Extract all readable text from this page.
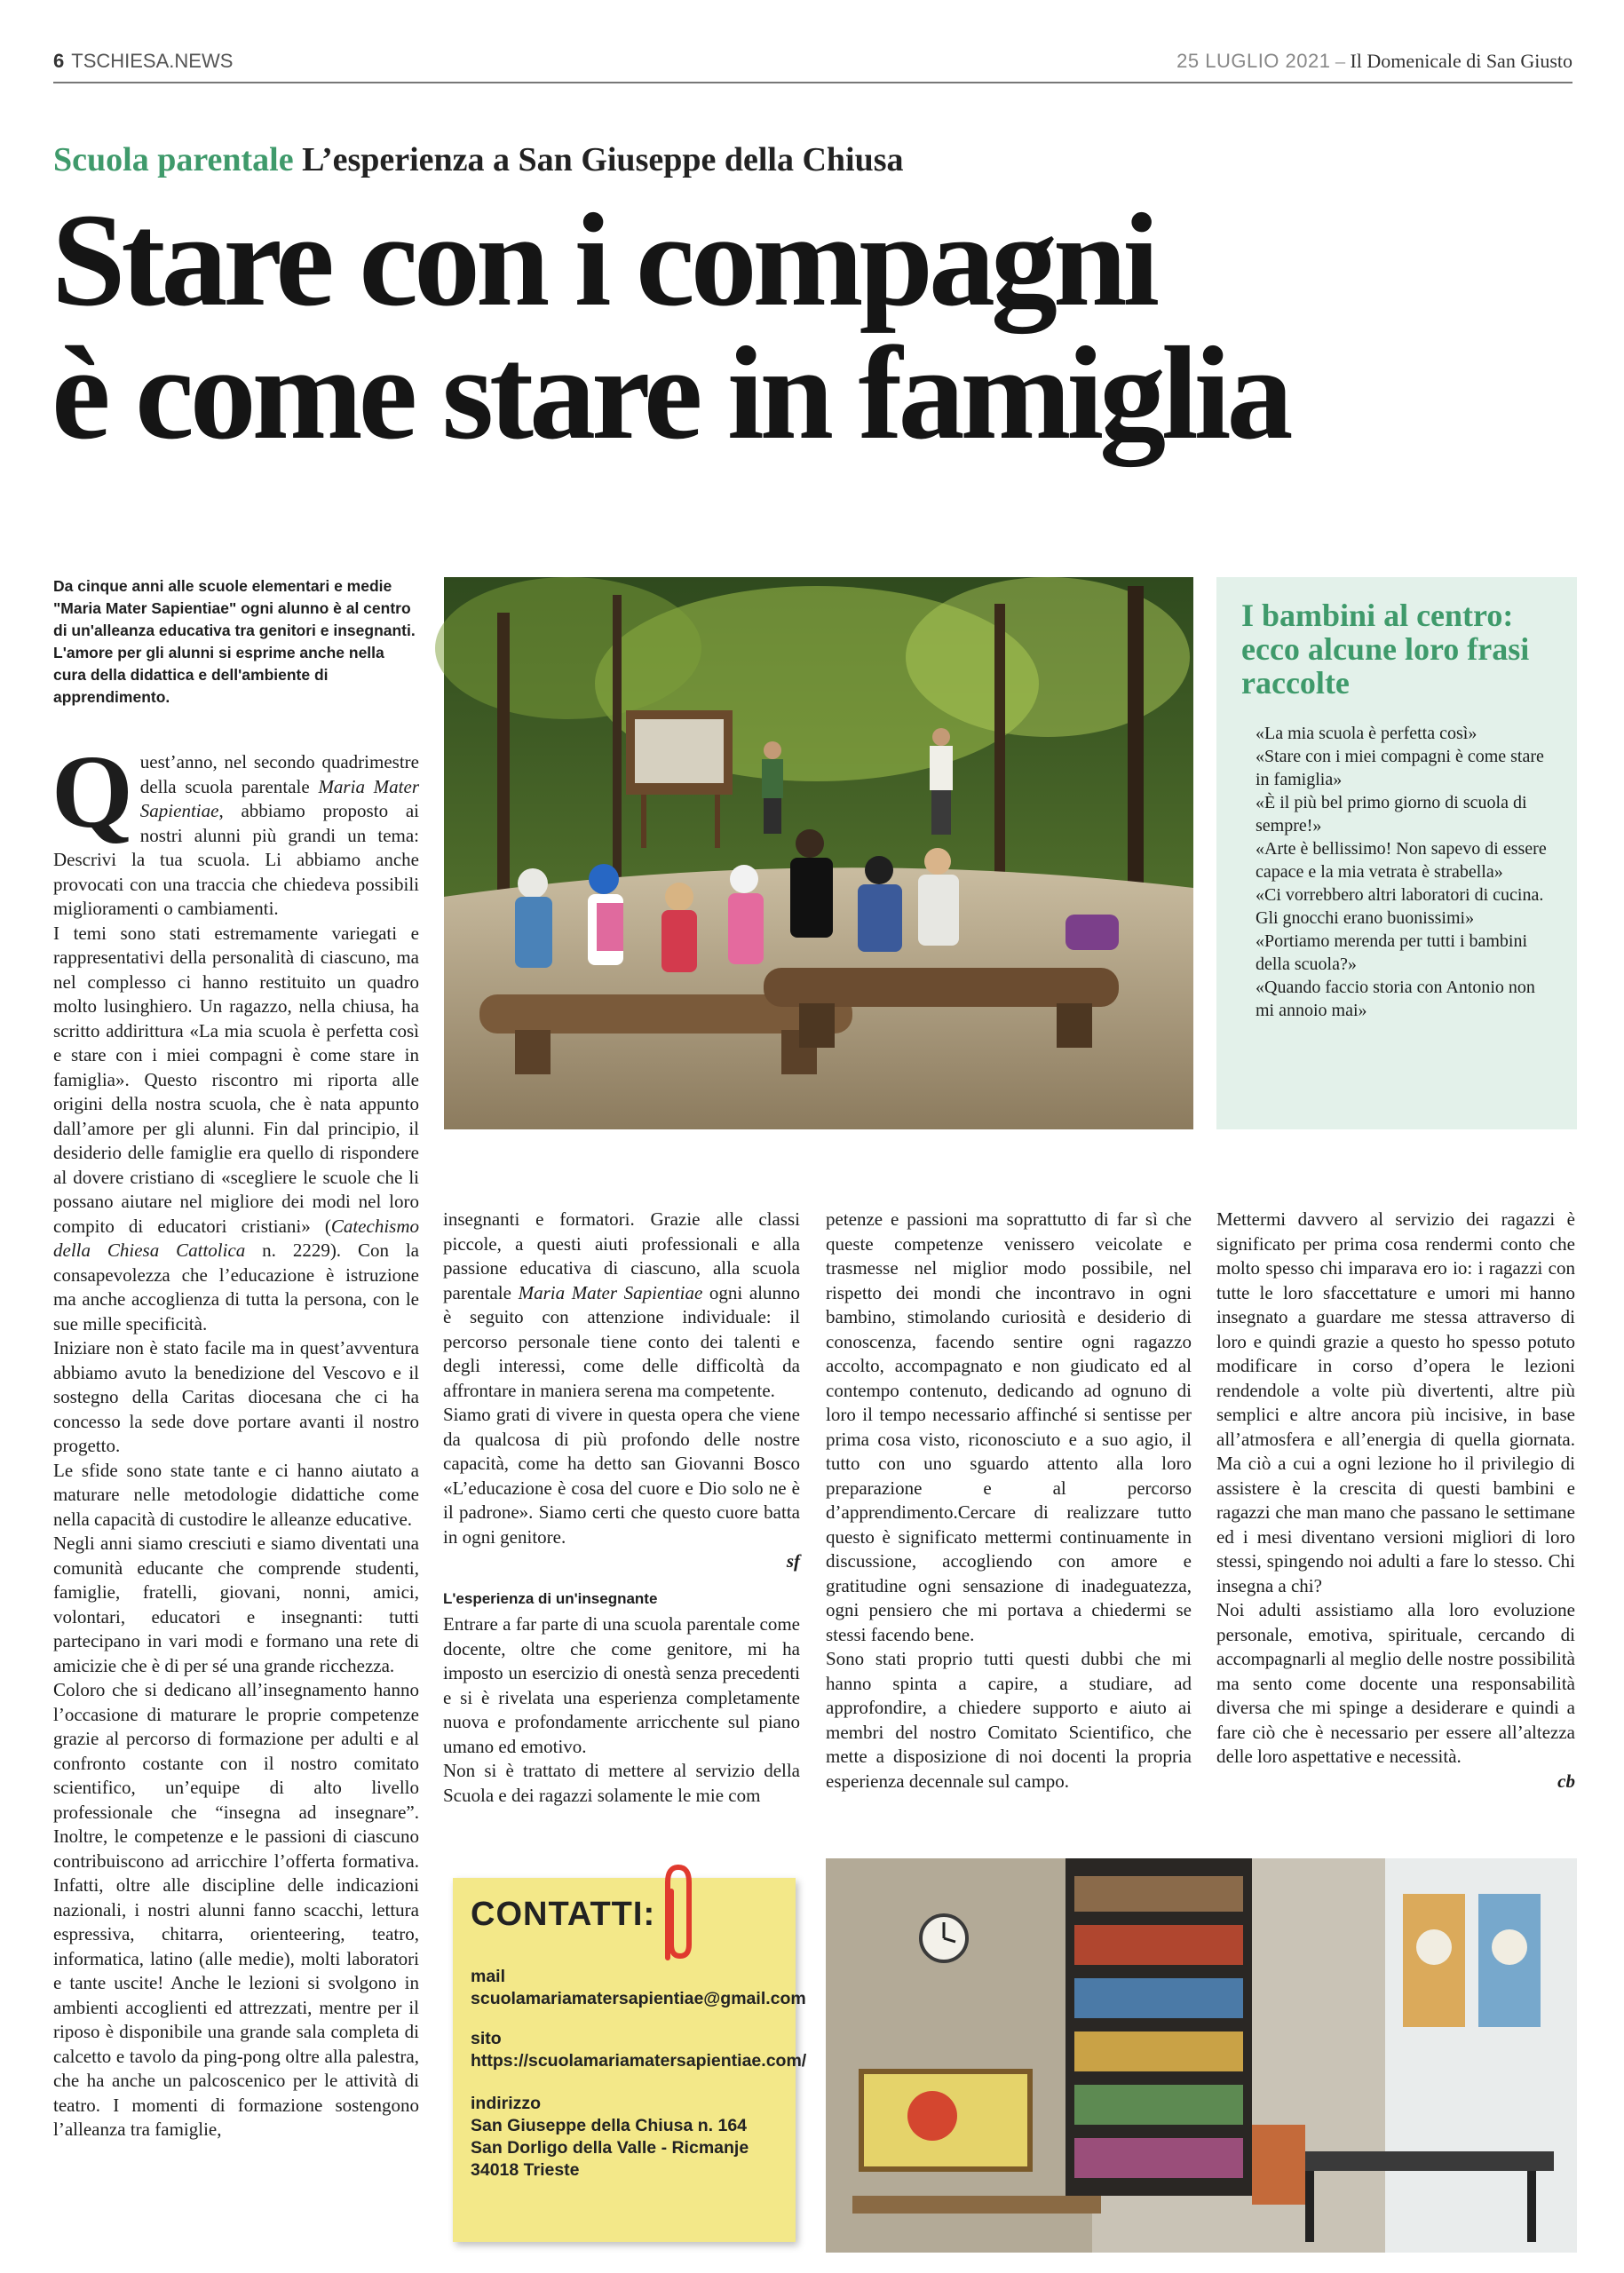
6 TSCHIESA.NEWS	25 LUGLIO 2021 – Il Domenicale di San Giusto
Scuola parentale L’esperienza a San Giuseppe della Chiusa
Stare con i compagni
è come stare in famiglia
Da cinque anni alle scuole elementari e medie "Maria Mater Sapientiae" ogni alunno è al centro di un'alleanza educativa tra genitori e insegnanti. L'amore per gli alunni si esprime anche nella cura della didattica e dell'ambiente di apprendimento.

Quest’anno, nel secondo quadrimestre della scuola parentale Maria Mater Sapientiae, abbiamo proposto ai nostri alunni più grandi un tema: Descrivi la tua scuola. Li abbiamo anche provocati con una traccia che chiedeva possibili miglioramenti o cambiamenti.

I temi sono stati estremamente variegati e rappresentativi della personalità di ciascuno, ma nel complesso ci hanno restituito un quadro molto lusinghiero. Un ragazzo, nella chiusa, ha scritto addirittura «La mia scuola è perfetta così e stare con i miei compagni è come stare in famiglia». Questo riscontro mi riporta alle origini della nostra scuola, che è nata appunto dall’amore per gli alunni. Fin dal principio, il desiderio delle famiglie era quello di rispondere al dovere cristiano di «scegliere le scuole che li possano aiutare nel migliore dei modi nel loro compito di educatori cristiani» (Catechismo della Chiesa Cattolica n. 2229). Con la consapevolezza che l’educazione è istruzione ma anche accoglienza di tutta la persona, con le sue mille specificità.

Iniziare non è stato facile ma in quest’avventura abbiamo avuto la benedizione del Vescovo e il sostegno della Caritas diocesana che ci ha concesso la sede dove portare avanti il nostro progetto.

Le sfide sono state tante e ci hanno aiutato a maturare nelle metodologie didattiche come nella capacità di custodire le alleanze educative.

Negli anni siamo cresciuti e siamo diventati una comunità educante che comprende studenti, famiglie, fratelli, giovani, nonni, amici, volontari, educatori e insegnanti: tutti partecipano in vari modi e formano una rete di amicizie che è di per sé una grande ricchezza.

Coloro che si dedicano all’insegnamento hanno l’occasione di maturare le proprie competenze grazie al percorso di formazione per adulti e al confronto costante con il nostro comitato scientifico, un’equipe di alto livello professionale che “insegna ad insegnare”. Inoltre, le competenze e le passioni di ciascuno contribuiscono ad arricchire l’offerta formativa. Infatti, oltre alle discipline delle indicazioni nazionali, i nostri alunni fanno scacchi, lettura espressiva, chitarra, orienteering, teatro, informatica, latino (alle medie), molti laboratori e tante uscite! Anche le lezioni si svolgono in ambienti accoglienti ed attrezzati, mentre per il riposo è disponibile una grande sala completa di calcetto e tavolo da ping-pong oltre alla palestra, che ha anche un palcoscenico per le attività di teatro. I momenti di formazione sostengono l’alleanza tra famiglie,

I bambini al centro: ecco alcune loro frasi raccolte
«La mia scuola è perfetta così»
«Stare con i miei compagni è come stare in famiglia»
«È il più bel primo giorno di scuola di sempre!»
«Arte è bellissimo! Non sapevo di essere capace e la mia vetrata è strabella»
«Ci vorrebbero altri laboratori di cucina. Gli gnocchi erano buonissimi»
«Portiamo merenda per tutti i bambini della scuola?»
«Quando faccio storia con Antonio non mi annoio mai»

insegnanti e formatori. Grazie alle classi piccole, a questi aiuti professionali e alla passione educativa di ciascuno, alla scuola parentale Maria Mater Sapientiae ogni alunno è seguito con attenzione individuale: il percorso personale tiene conto dei talenti e degli interessi, come delle difficoltà da affrontare in maniera serena ma competente.

Siamo grati di vivere in questa opera che viene da qualcosa di più profondo delle nostre capacità, come ha detto san Giovanni Bosco «L’educazione è cosa del cuore e Dio solo ne è il padrone». Siamo certi che questo cuore batta in ogni genitore.

sf

L'esperienza di un'insegnante

Entrare a far parte di una scuola parentale come docente, oltre che come genitore, mi ha imposto un esercizio di onestà senza precedenti e si è rivelata una esperienza completamente nuova e profondamente arricchente sul piano umano ed emotivo.

Non si è trattato di mettere al servizio della Scuola e dei ragazzi solamente le mie com

petenze e passioni ma soprattutto di far sì che queste competenze venissero veicolate e trasmesse nel miglior modo possibile, nel rispetto dei mondi che incontravo in ogni bambino, stimolando curiosità e desiderio di conoscenza, facendo sentire ogni ragazzo accolto, accompagnato e non giudicato ed al contempo contenuto, dedicando ad ognuno di loro il tempo necessario affinché si sentisse per prima cosa visto, riconosciuto e a suo agio, il tutto con uno sguardo attento alla loro preparazione e al percorso d’apprendimento.Cercare di realizzare tutto questo è significato mettermi continuamente in discussione, accogliendo con amore e gratitudine ogni sensazione di inadeguatezza, ogni pensiero che mi portava a chiedermi se stessi facendo bene.

Sono stati proprio tutti questi dubbi che mi hanno spinta a capire, a studiare, ad approfondire, a chiedere supporto e aiuto ai membri del nostro Comitato Scientifico, che mette a disposizione di noi docenti la propria esperienza decennale sul campo.

Mettermi davvero al servizio dei ragazzi è significato per prima cosa rendermi conto che molto spesso chi imparava ero io: i ragazzi con tutte le loro sfaccettature e umori mi hanno insegnato a guardare me stessa attraverso di loro e quindi grazie a questo ho spesso potuto modificare in corso d’opera le lezioni rendendole a volte più divertenti, altre più semplici e altre ancora più incisive, in base all’atmosfera e all’energia di quella giornata. Ma ciò a cui a ogni lezione ho il privilegio di assistere è la crescita di questi bambini e ragazzi che man mano che passano le settimane ed i mesi diventano versioni migliori di loro stessi, spingendo noi adulti a fare lo stesso. Chi insegna a chi?

Noi adulti assistiamo alla loro evoluzione personale, emotiva, spirituale, cercando di accompagnarli al meglio delle nostre possibilità ma sento come docente una responsabilità diversa che mi spinge a desiderare e quindi a fare ciò che è necessario per essere all’altezza delle loro aspettative e necessità.

cb

CONTATTI:
mail
scuolamariamatersapientiae@gmail.com
sito
https://scuolamariamatersapientiae.com/
indirizzo
San Giuseppe della Chiusa n. 164
San Dorligo della Valle - Ricmanje
34018 Trieste
